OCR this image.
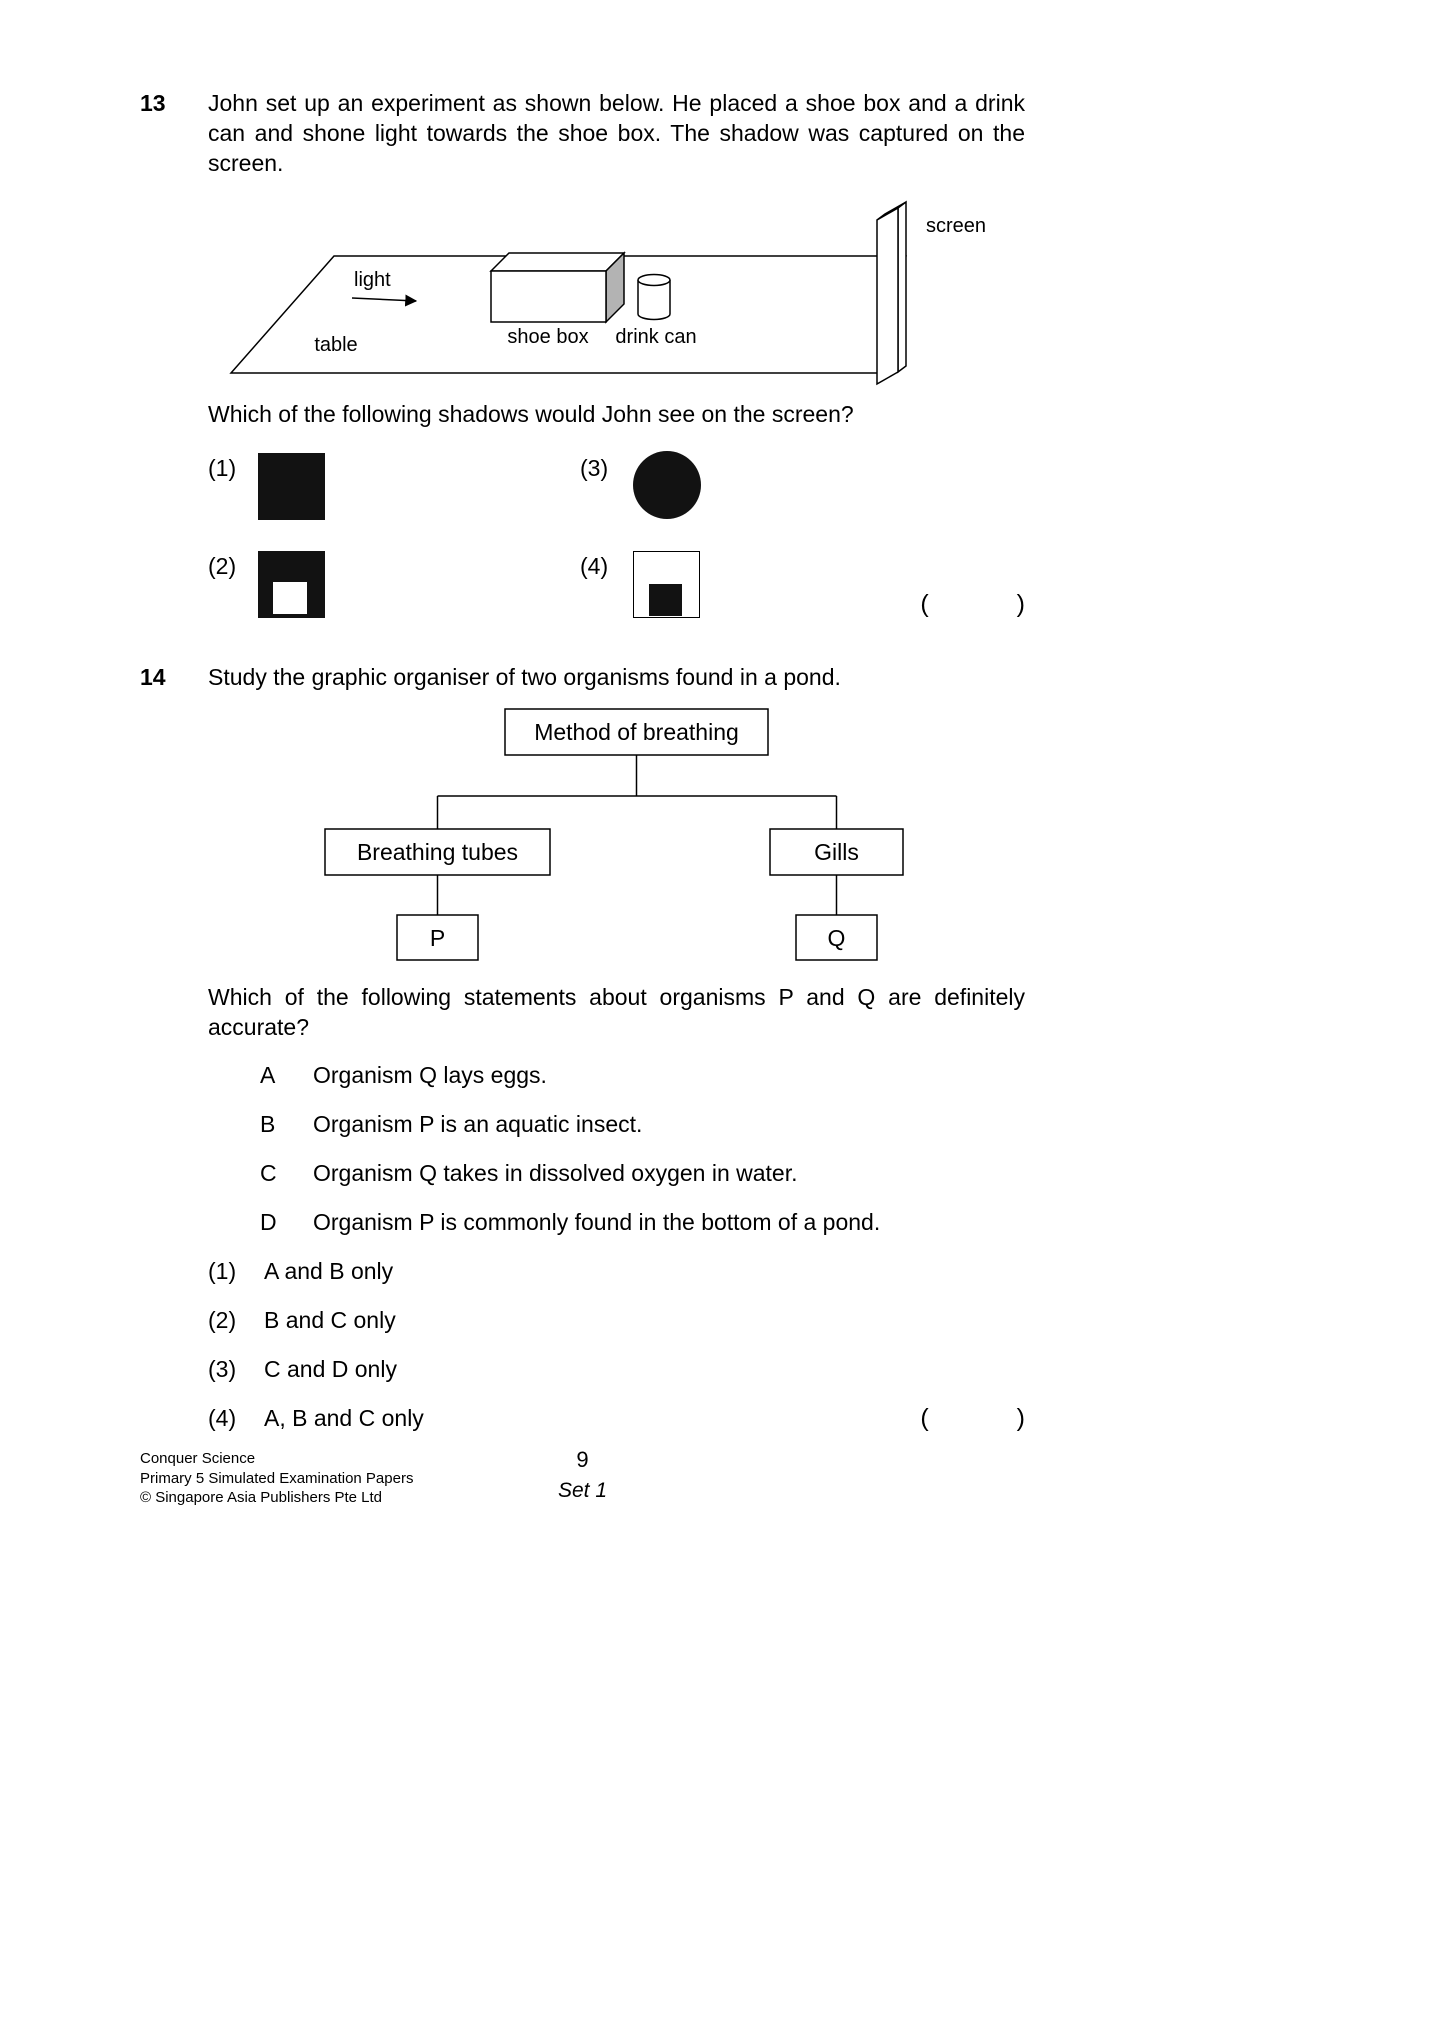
13	John set up an experiment as shown below. He placed a shoe box and a drink can and shone light towards the shoe box. The shadow was captured on the screen.

light
table	shoe box drink can
screen

Which of the following shadows would John see on the screen?

(1)	(3)
(2)	(4)
(	)
14	Study the graphic organiser of two organisms found in a pond.

Method of breathing
Breathing tubes	Gills
P	Q

Which of the following statements about organisms P and Q are definitely accurate?

A	Organism Q lays eggs.
B	Organism P is an aquatic insect.
C	Organism Q takes in dissolved oxygen in water.
D	Organism P is commonly found in the bottom of a pond.
(1)	A and B only
(2)	B and C only
(3)	C and D only
(4)	A, B and C only	(	)
Conquer Science
Primary 5 Simulated Examination Papers
© Singapore Asia Publishers Pte Ltd
9
Set 1
